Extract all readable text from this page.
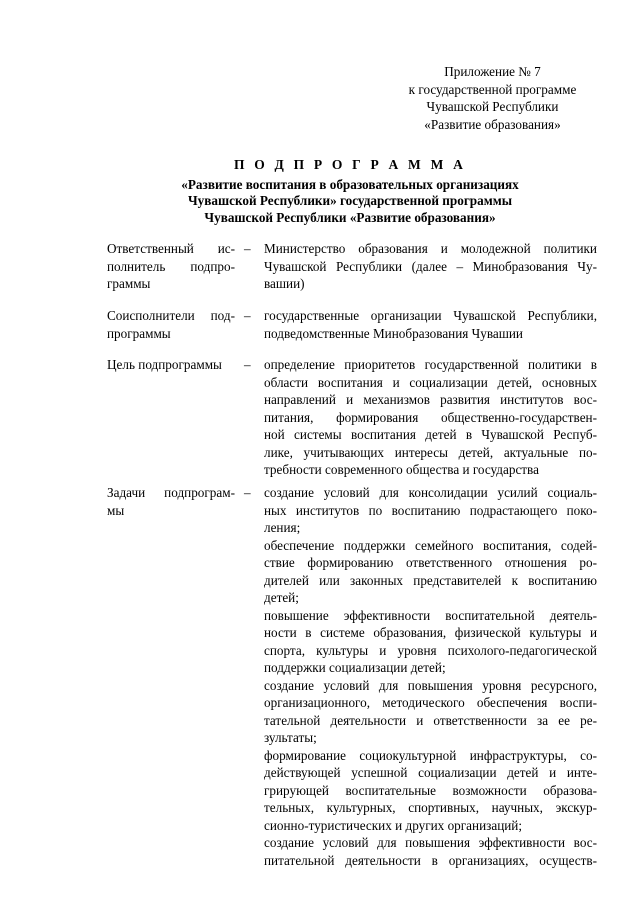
Приложение № 7
к государственной программе
Чувашской Республики
«Развитие образования»
П О Д П Р О Г Р А М М А
«Развитие воспитания в образовательных организациях
Чувашской Республики» государственной программы
Чувашской Республики «Развитие образования»
Ответственный ис-
полнитель подпро-
граммы
– Министерство образования и молодежной политики
Чувашской Республики (далее – Минобразования Чу-
вашии)
Соисполнители под-
программы
– государственные организации Чувашской Республики,
подведомственные Минобразования Чувашии
Цель подпрограммы	– определение приоритетов государственной политики в
области воспитания и социализации детей, основных
направлений и механизмов развития институтов вос-
питания, формирования общественно-государствен-
ной системы воспитания детей в Чувашской Респуб-
лике, учитывающих интересы детей, актуальные по-
требности современного общества и государства
Задачи подпрограм-
мы
– создание условий для консолидации усилий социаль-
ных институтов по воспитанию подрастающего поко-
ления;
обеспечение поддержки семейного воспитания, содей-
ствие формированию ответственного отношения ро-
дителей или законных представителей к воспитанию
детей;
повышение эффективности воспитательной деятель-
ности в системе образования, физической культуры и
спорта, культуры и уровня психолого-педагогической
поддержки социализации детей;
создание условий для повышения уровня ресурсного,
организационного, методического обеспечения воспи-
тательной деятельности и ответственности за ее ре-
зультаты;
формирование социокультурной инфраструктуры, со-
действующей успешной социализации детей и инте-
грирующей воспитательные возможности образова-
тельных, культурных, спортивных, научных, экскур-
сионно-туристических и других организаций;
создание условий для повышения эффективности вос-
питательной деятельности в организациях, осуществ-
